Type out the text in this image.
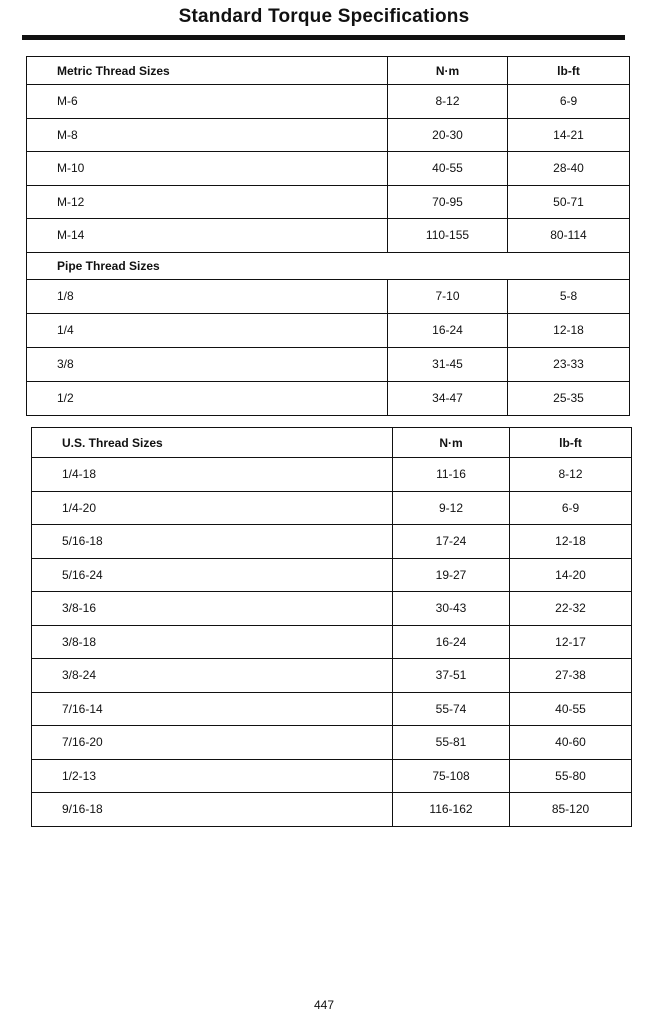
Standard Torque Specifications
Metric Thread Sizes	N·m	lb-ft
M-6	8-12	6-9
M-8	20-30	14-21
M-10	40-55	28-40
M-12	70-95	50-71
M-14	110-155	80-114
Pipe Thread Sizes		
1/8	7-10	5-8
1/4	16-24	12-18
3/8	31-45	23-33
1/2	34-47	25-35
U.S. Thread Sizes	N·m	lb-ft
1/4-18	11-16	8-12
1/4-20	9-12	6-9
5/16-18	17-24	12-18
5/16-24	19-27	14-20
3/8-16	30-43	22-32
3/8-18	16-24	12-17
3/8-24	37-51	27-38
7/16-14	55-74	40-55
7/16-20	55-81	40-60
1/2-13	75-108	55-80
9/16-18	116-162	85-120
447
